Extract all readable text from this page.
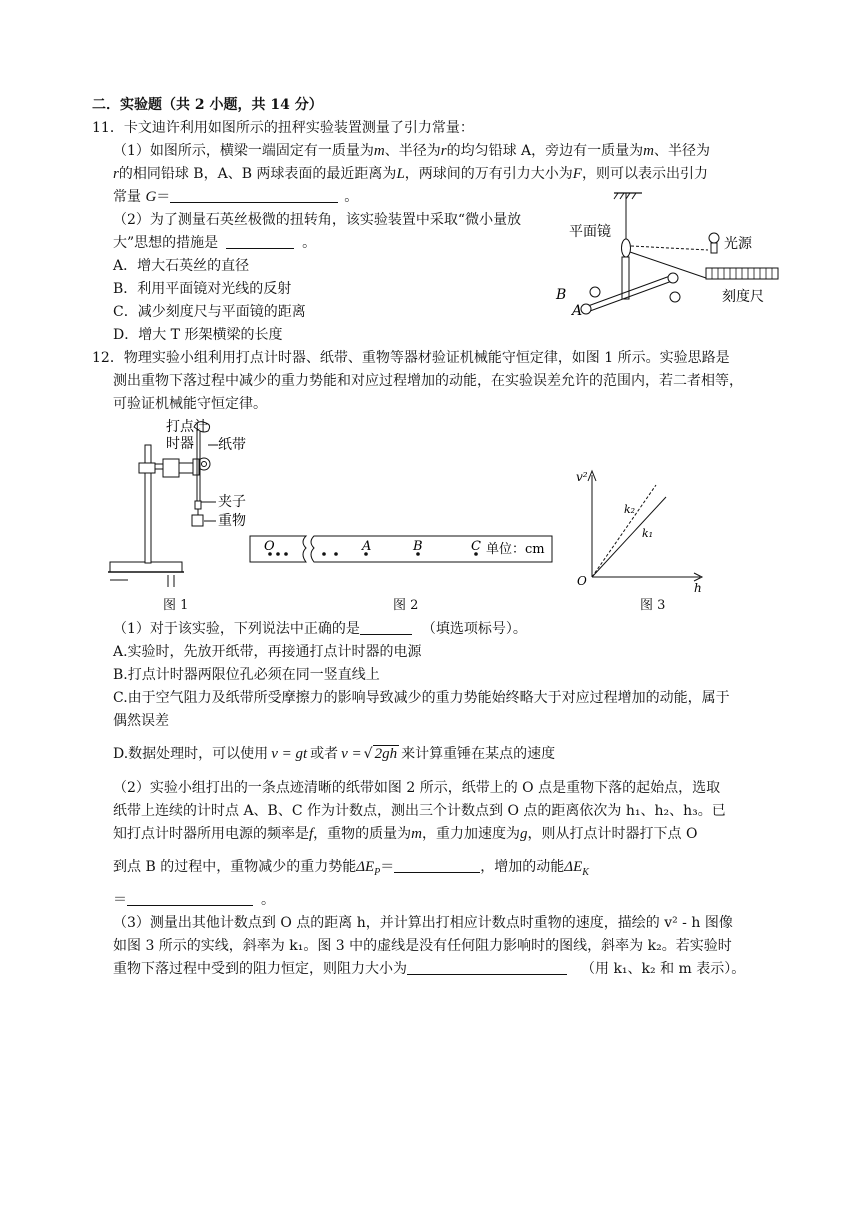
二．实验题（共 2 小题，共 14 分）
11．卡文迪许利用如图所示的扭秤实验装置测量了引力常量：
（1）如图所示，横梁一端固定有一质量为m、半径为r的均匀铅球 A，旁边有一质量为m、半径为
r的相同铅球 B，A、B 两球表面的最近距离为L，两球间的万有引力大小为F，则可以表示出引力
常量 G＝	。
（2）为了测量石英丝极微的扭转角，该实验装置中采取“微小量放
大”思想的措施是	。
A．增大石英丝的直径
B．利用平面镜对光线的反射
C．减少刻度尺与平面镜的距离
D．增大 T 形架横梁的长度
平面镜
光源
刻度尺
B
A
12．物理实验小组利用打点计时器、纸带、重物等器材验证机械能守恒定律，如图 1 所示。实验思路是
测出重物下落过程中减少的重力势能和对应过程增加的动能，在实验误差允许的范围内，若二者相等，
可验证机械能守恒定律。
打点计
时器 纸带
夹子
重物
O	A	B	C 单位：cm
v²
k₂
k₁
O	h
图 1	图 2	图 3
（1）对于该实验，下列说法中正确的是	（填选项标号）。
A.实验时，先放开纸带，再接通打点计时器的电源
B.打点计时器两限位孔必须在同一竖直线上
C.由于空气阻力及纸带所受摩擦力的影响导致减少的重力势能始终略大于对应过程增加的动能，属于
偶然误差
D.数据处理时，可以使用 v = gt 或者 v = √ 2gh 来计算重锤在某点的速度
（2）实验小组打出的一条点迹清晰的纸带如图 2 所示，纸带上的 O 点是重物下落的起始点，选取
纸带上连续的计时点 A、B、C 作为计数点，测出三个计数点到 O 点的距离依次为 h₁、h₂、h₃。已
知打点计时器所用电源的频率是f，重物的质量为m，重力加速度为g，则从打点计时器打下点 O
到点 B 的过程中，重物减少的重力势能$\Delta E_P=$	，增加的动能$\Delta E_K$
＝	。
（3）测量出其他计数点到 O 点的距离 h，并计算出打相应计数点时重物的速度，描绘的 v² - h 图像
如图 3 所示的实线，斜率为 k₁。图 3 中的虚线是没有任何阻力影响时的图线，斜率为 k₂。若实验时
重物下落过程中受到的阻力恒定，则阻力大小为	（用 k₁、k₂ 和 m 表示）。
